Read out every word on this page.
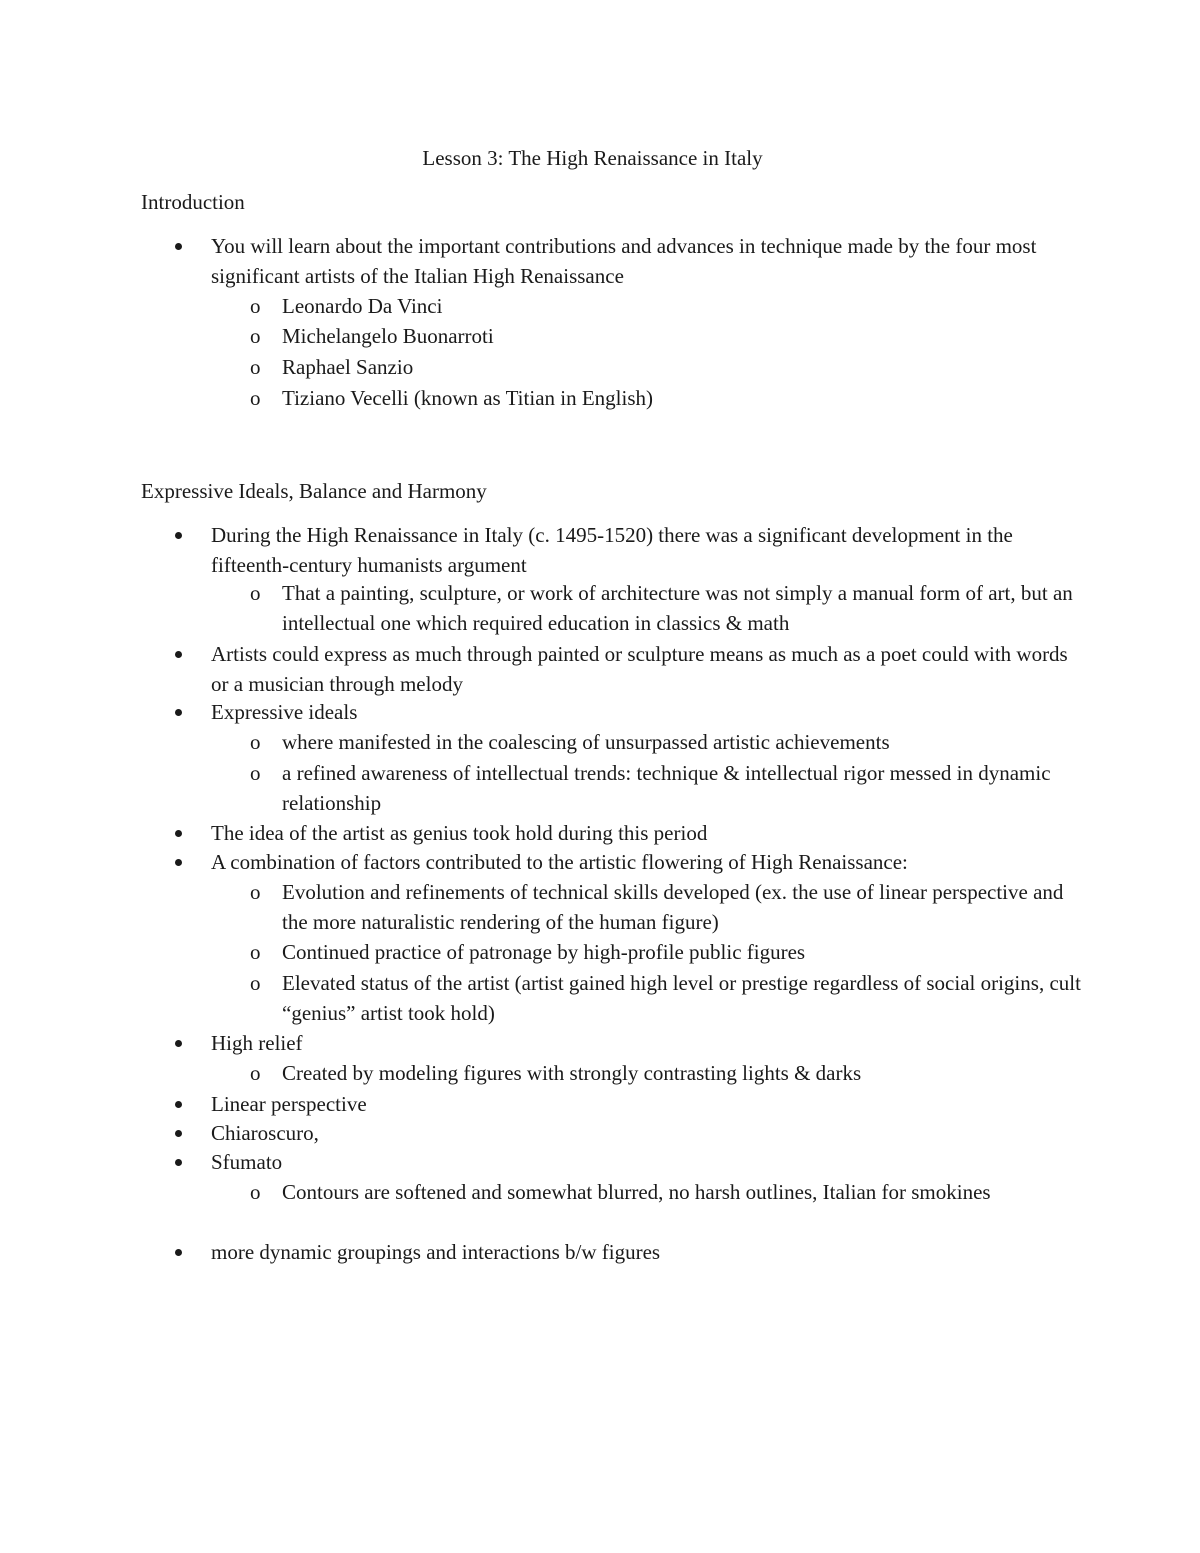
Lesson 3: The High Renaissance in Italy
Introduction
You will learn about the important contributions and advances in technique made by the four most significant artists of the Italian High Renaissance
o Leonardo Da Vinci
o Michelangelo Buonarroti
o Raphael Sanzio
o Tiziano Vecelli (known as Titian in English)
Expressive Ideals, Balance and Harmony
During the High Renaissance in Italy (c. 1495-1520) there was a significant development in the fifteenth-century humanists argument
o That a painting, sculpture, or work of architecture was not simply a manual form of art, but an intellectual one which required education in classics & math
Artists could express as much through painted or sculpture means as much as a poet could with words or a musician through melody
Expressive ideals
o where manifested in the coalescing of unsurpassed artistic achievements
o a refined awareness of intellectual trends: technique & intellectual rigor messed in dynamic relationship
The idea of the artist as genius took hold during this period
A combination of factors contributed to the artistic flowering of High Renaissance:
o Evolution and refinements of technical skills developed (ex. the use of linear perspective and the more naturalistic rendering of the human figure)
o Continued practice of patronage by high-profile public figures
o Elevated status of the artist (artist gained high level or prestige regardless of social origins, cult “genius” artist took hold)
High relief
o Created by modeling figures with strongly contrasting lights & darks
Linear perspective
Chiaroscuro,
Sfumato
o Contours are softened and somewhat blurred, no harsh outlines, Italian for smokines
more dynamic groupings and interactions b/w figures
